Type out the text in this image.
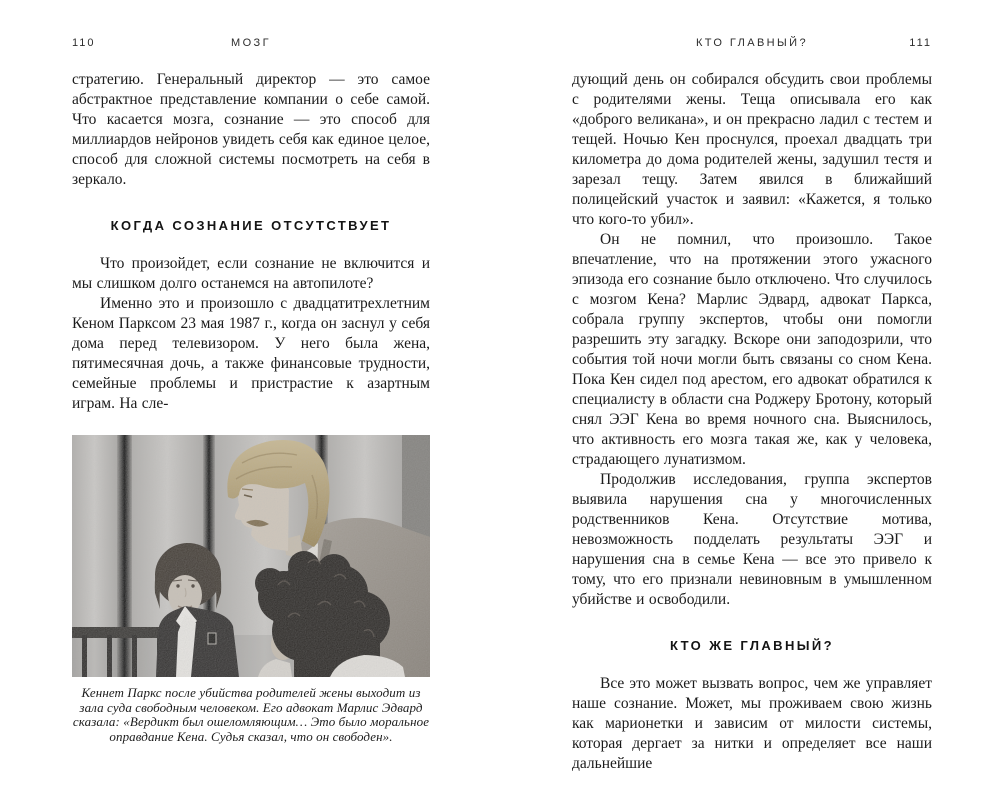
110	МОЗГ

стратегию. Генеральный директор — это самое абстрактное представление компании о себе самой. Что касается мозга, сознание — это способ для миллиардов нейронов увидеть себя как единое целое, способ для сложной системы посмотреть на себя в зеркало.

КОГДА СОЗНАНИЕ ОТСУТСТВУЕТ

Что произойдет, если сознание не включится и мы слишком долго останемся на автопилоте?

Именно это и произошло с двадцатитрехлетним Кеном Парксом 23 мая 1987 г., когда он заснул у себя дома перед телевизором. У него была жена, пятимесячная дочь, а также финансовые трудности, семейные проблемы и пристрастие к азартным играм. На сле-

Кеннет Паркс после убийства родителей жены выходит из зала суда свободным человеком. Его адвокат Марлис Эдвард сказала: «Вердикт был ошеломляющим… Это было моральное оправдание Кена. Судья сказал, что он свободен».
КТО ГЛАВНЫЙ?	111

дующий день он собирался обсудить свои проблемы с родителями жены. Теща описывала его как «доброго великана», и он прекрасно ладил с тестем и тещей. Ночью Кен проснулся, проехал двадцать три километра до дома родителей жены, задушил тестя и зарезал тещу. Затем явился в ближайший полицейский участок и заявил: «Кажется, я только что кого-то убил».

Он не помнил, что произошло. Такое впечатление, что на протяжении этого ужасного эпизода его сознание было отключено. Что случилось с мозгом Кена? Марлис Эдвард, адвокат Паркса, собрала группу экспертов, чтобы они помогли разрешить эту загадку. Вскоре они заподозрили, что события той ночи могли быть связаны со сном Кена. Пока Кен сидел под арестом, его адвокат обратился к специалисту в области сна Роджеру Бротону, который снял ЭЭГ Кена во время ночного сна. Выяснилось, что активность его мозга такая же, как у человека, страдающего лунатизмом.

Продолжив исследования, группа экспертов выявила нарушения сна у многочисленных родственников Кена. Отсутствие мотива, невозможность подделать результаты ЭЭГ и нарушения сна в семье Кена — все это привело к тому, что его признали невиновным в умышленном убийстве и освободили.

КТО ЖЕ ГЛАВНЫЙ?

Все это может вызвать вопрос, чем же управляет наше сознание. Может, мы проживаем свою жизнь как марионетки и зависим от милости системы, которая дергает за нитки и определяет все наши дальнейшие
